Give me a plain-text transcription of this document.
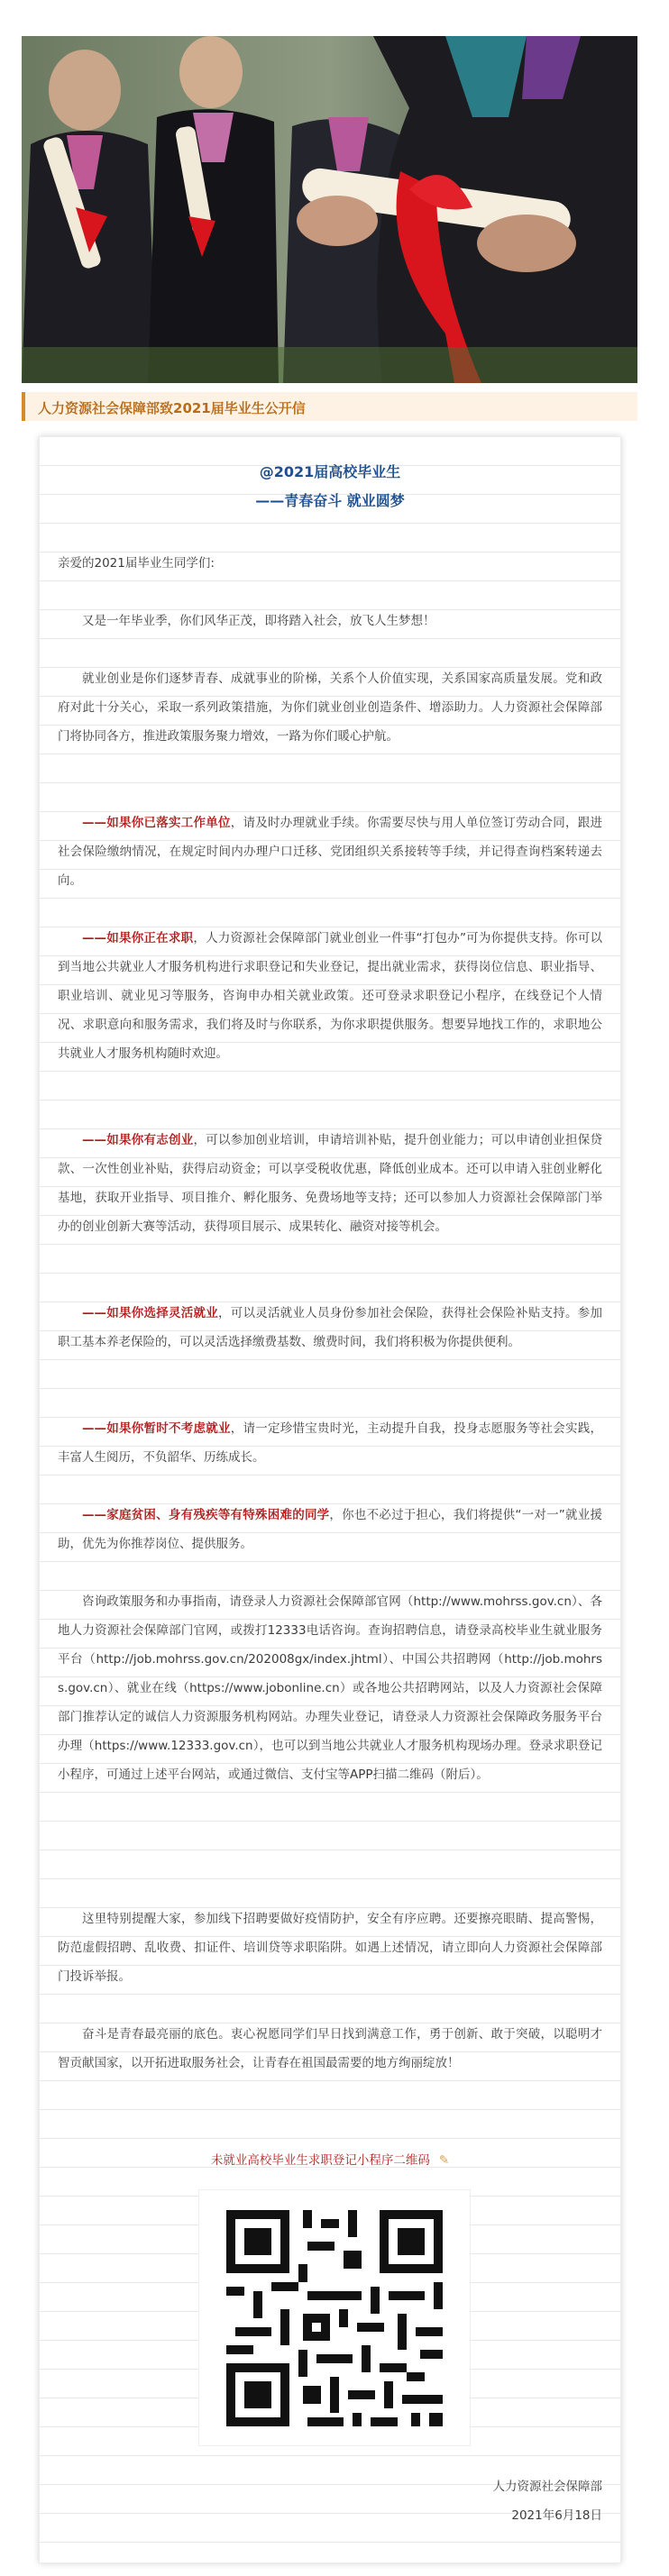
人力资源社会保障部致2021届毕业生公开信
@2021届高校毕业生
——青春奋斗 就业圆梦

亲爱的2021届毕业生同学们:

又是一年毕业季，你们风华正茂，即将踏入社会，放飞人生梦想！

就业创业是你们逐梦青春、成就事业的阶梯，关系个人价值实现，关系国家高质量发展。党和政府对此十分关心，采取一系列政策措施，为你们就业创业创造条件、增添助力。人力资源社会保障部门将协同各方，推进政策服务聚力增效，一路为你们暖心护航。

——如果你已落实工作单位，请及时办理就业手续。你需要尽快与用人单位签订劳动合同，跟进社会保险缴纳情况，在规定时间内办理户口迁移、党团组织关系接转等手续，并记得查询档案转递去向。

——如果你正在求职，人力资源社会保障部门就业创业一件事“打包办”可为你提供支持。你可以到当地公共就业人才服务机构进行求职登记和失业登记，提出就业需求，获得岗位信息、职业指导、职业培训、就业见习等服务，咨询申办相关就业政策。还可登录求职登记小程序，在线登记个人情况、求职意向和服务需求，我们将及时与你联系，为你求职提供服务。想要异地找工作的，求职地公共就业人才服务机构随时欢迎。

——如果你有志创业，可以参加创业培训，申请培训补贴，提升创业能力；可以申请创业担保贷款、一次性创业补贴，获得启动资金；可以享受税收优惠，降低创业成本。还可以申请入驻创业孵化基地，获取开业指导、项目推介、孵化服务、免费场地等支持；还可以参加人力资源社会保障部门举办的创业创新大赛等活动，获得项目展示、成果转化、融资对接等机会。

——如果你选择灵活就业，可以灵活就业人员身份参加社会保险，获得社会保险补贴支持。参加职工基本养老保险的，可以灵活选择缴费基数、缴费时间，我们将积极为你提供便利。

——如果你暂时不考虑就业，请一定珍惜宝贵时光，主动提升自我，投身志愿服务等社会实践，丰富人生阅历，不负韶华、历练成长。

——家庭贫困、身有残疾等有特殊困难的同学，你也不必过于担心，我们将提供“一对一”就业援助，优先为你推荐岗位、提供服务。

咨询政策服务和办事指南，请登录人力资源社会保障部官网（http://www.mohrss.gov.cn）、各地人力资源社会保障部门官网，或拨打12333电话咨询。查询招聘信息，请登录高校毕业生就业服务平台（http://job.mohrss.gov.cn/202008gx/index.jhtml）、中国公共招聘网（http://job.mohrss.gov.cn）、就业在线（https://www.jobonline.cn）或各地公共招聘网站，以及人力资源社会保障部门推荐认定的诚信人力资源服务机构网站。办理失业登记，请登录人力资源社会保障政务服务平台办理（https://www.12333.gov.cn），也可以到当地公共就业人才服务机构现场办理。登录求职登记小程序，可通过上述平台网站，或通过微信、支付宝等APP扫描二维码（附后）。

这里特别提醒大家，参加线下招聘要做好疫情防护，安全有序应聘。还要擦亮眼睛、提高警惕，防范虚假招聘、乱收费、扣证件、培训贷等求职陷阱。如遇上述情况，请立即向人力资源社会保障部门投诉举报。

奋斗是青春最亮丽的底色。衷心祝愿同学们早日找到满意工作，勇于创新、敢于突破，以聪明才智贡献国家，以开拓进取服务社会，让青春在祖国最需要的地方绚丽绽放！

未就业高校毕业生求职登记小程序二维码 ✎
人力资源社会保障部
2021年6月18日
